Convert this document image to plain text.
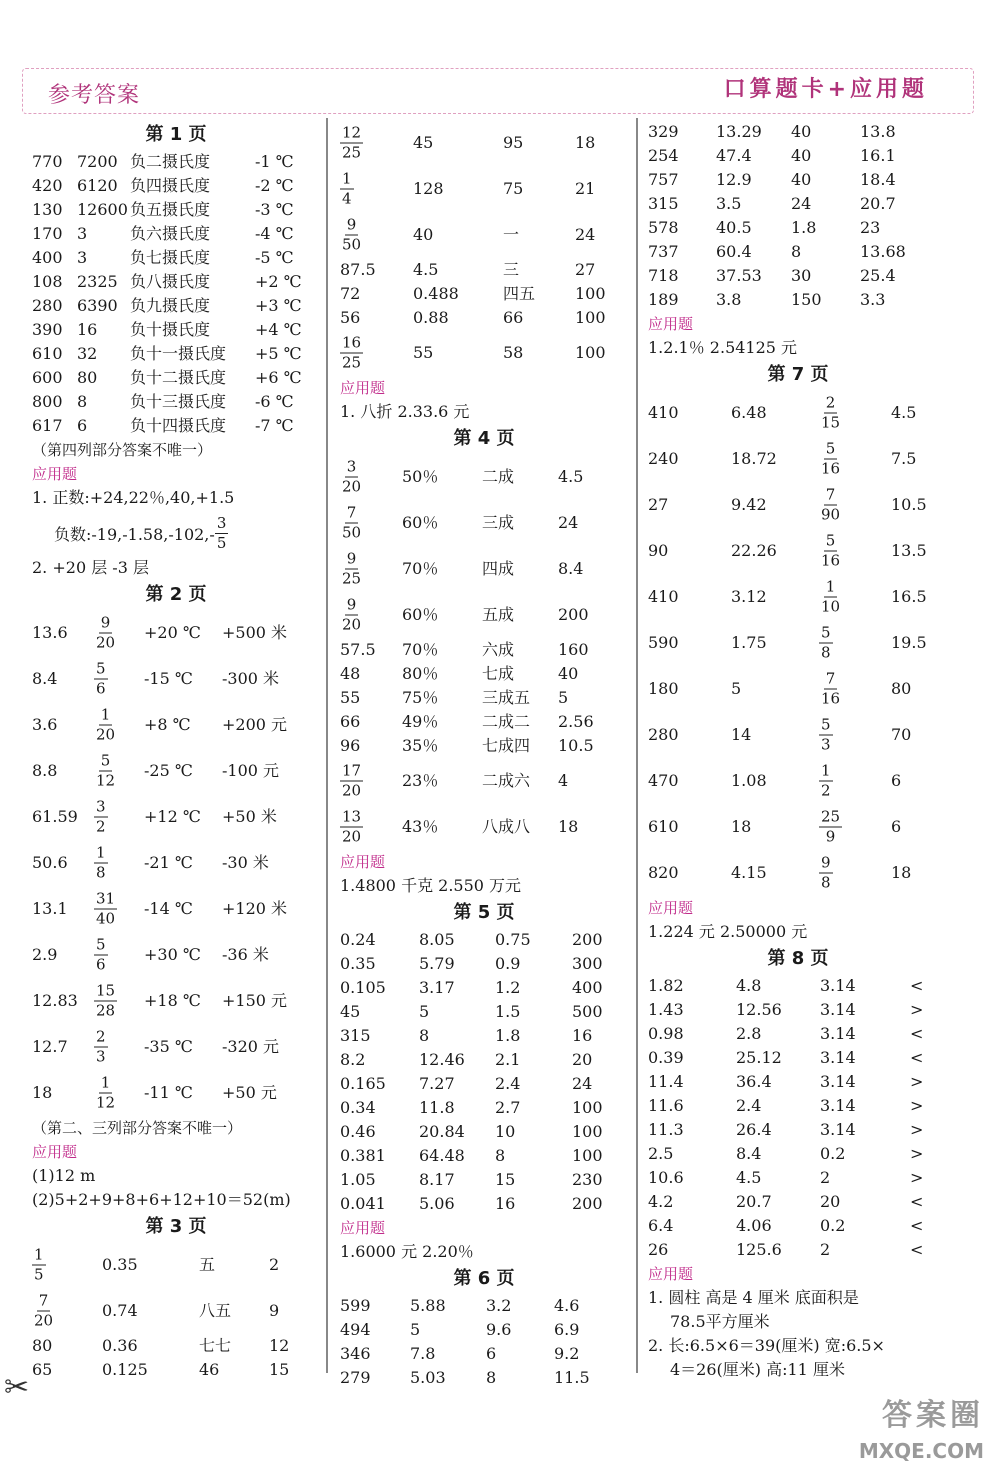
参考答案	口算题卡+应用题
第 1 页
770 7200 负二摄氏度	-1 ℃
420 6120 负四摄氏度	-2 ℃
130 12600 负五摄氏度	-3 ℃
170 3	负六摄氏度	-4 ℃
400 3	负七摄氏度	-5 ℃
108 2325 负八摄氏度	+2 ℃
280 6390 负九摄氏度	+3 ℃
390 16 负十摄氏度	+4 ℃
610 32 负十一摄氏度 +5 ℃
600 80 负十二摄氏度 +6 ℃
800 8	负十三摄氏度 -6 ℃
617 6	负十四摄氏度 -7 ℃
（第四列部分答案不唯一）
应用题
1. 正数:+24,22％,40,+1.5
负数:-19,-1.58,-102,- $\frac{3}{5}$
2. +20 层 -3 层
第 2 页
$13.6 \frac{9}{20} +20$ ℃ +500 米
$8.4 \frac{5}{6} -15$ ℃ -300 米
$3.6 \frac{1}{20} +8$ ℃ +200 元
$8.8 \frac{5}{12} -25$ ℃ -100 元
$61.59 \frac{3}{2} +12$ ℃ +50 米
$50.6 \frac{1}{8} -21$ ℃ -30 米
$13.1 \frac{31}{40} -14$ ℃ +120 米
$2.9 \frac{5}{6} +30$ ℃ -36 米
$12.83 \frac{15}{28} +18$ ℃ +150 元
$12.7 \frac{2}{3} -35$ ℃ -320 元
18	$\frac{1}{12} -11$ ℃ +50 元
（第二、三列部分答案不唯一）
应用题
(1)12 m
(2)5+2+9+8+6+12+10＝52(m)
第 3 页
$\frac{1}{5}$	0.35	五	2
$\frac{7}{20}$	0.74	八五 9
80	0.36	七七 12
65	0.125	46	15
$\frac{12}{25}$	45	95	18
$\frac{1}{4}$	128	75	21
$\frac{9}{50}$	40	一	24
87.5 4.5	三	27
72	0.488	四五 100
56	0.88	66	100
$\frac{16}{25}$	55	58	100
应用题
1. 八折 2.33.6 元
第 4 页
$\frac{3}{20} 50$％	二成	4.5
$\frac{7}{50} 60$％	三成	24
$\frac{9}{25} 70$％	四成	8.4
$\frac{9}{20} 60$％	五成	200
57.5 70％	六成	160
48	80％	七成	40
55	75％	三成五 5
66	49％	二成二 2.56
96	35％	七成四 10.5
$\frac{17}{20} 23$％	二成六 4
$\frac{13}{20} 43$％	八成八 18
应用题
1.4800 千克 2.550 万元
第 5 页
0.24	8.05	0.75	200
0.35	5.79	0.9	300
0.105 3.17	1.2	400
45	5	1.5	500
315	8	1.8	16
8.2	12.46 2.1	20
0.165 7.27	2.4	24
0.34	11.8	2.7	100
0.46	20.84 10	100
0.381 64.48 8	100
1.05	8.17	15	230
0.041 5.06	16	200
应用题
1.6000 元 2.20％
第 6 页
599 5.88	3.2	4.6
494 5	9.6	6.9
346 7.8	6	9.2
279 5.03	8	11.5
329 13.29 40	13.8
254 47.4 40	16.1
757 12.9 40	18.4
315 3.5	24	20.7
578 40.5 1.8	23
737 60.4 8	13.68
718 37.53 30	25.4
189 3.8	150 3.3
应用题
1.2.1％ 2.54125 元
第 7 页
410	6.48	$\frac{2}{15}$	4.5
240	18.72	$\frac{5}{16}$	7.5
27	9.42	$\frac{7}{90}$	10.5
90	22.26	$\frac{5}{16}$	13.5
410	3.12	$\frac{1}{10}$	16.5
590	1.75	$\frac{5}{8}$	19.5
180	5	$\frac{7}{16}$	80
280	14	$\frac{5}{3}$	70
470	1.08	$\frac{1}{2}$	6
610	18	$\frac{25}{9}$	6
820	4.15	$\frac{9}{8}$	18
应用题
1.224 元 2.50000 元
第 8 页
1.82	4.8	3.14	<
1.43	12.56 3.14	>
0.98	2.8	3.14	<
0.39	25.12 3.14	<
11.4	36.4	3.14	>
11.6	2.4	3.14	>
11.3	26.4	3.14	>
2.5	8.4	0.2	>
10.6	4.5	2	>
4.2	20.7	20	<
6.4	4.06	0.2	<
26	125.6 2	<
应用题
1. 圆柱 高是 4 厘米 底面积是
78.5平方厘米
2. 长:6.5×6＝39(厘米) 宽:6.5×
4＝26(厘米) 高:11 厘米
✂
答案圈
MXQE.COM
